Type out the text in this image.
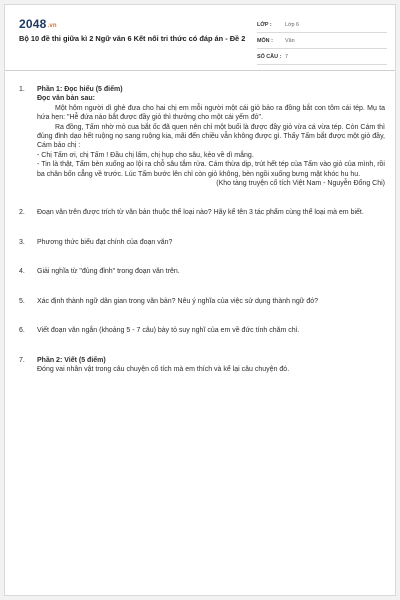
2048.vn
Bộ 10 đề thi giữa kì 2 Ngữ văn 6 Kết nối tri thức có đáp án - Đề 2
LỚP :	Lớp 6
MÔN :	Văn
SỐ CÂU : 7
1. Phần 1: Đọc hiểu (5 điểm)
Đọc văn bản sau:

Một hôm người dì ghẻ đưa cho hai chị em mỗi người một cái giỏ bảo ra đồng bắt con tôm cái tép. Mụ ta hứa hẹn: "Hễ đứa nào bắt được đầy giỏ thì thưởng cho một cái yếm đỏ".

Ra đồng, Tấm nhờ mò cua bắt ốc đã quen nên chỉ một buổi là được đầy giỏ vừa cá vừa tép. Còn Cám thì đủng đỉnh dạo hết ruộng nọ sang ruộng kia, mãi đến chiều vẫn không được gì. Thấy Tấm bắt được một giỏ đầy, Cám bảo chị :

- Chị Tấm ơi, chị Tấm ! Đầu chị lấm, chị hụp cho sâu, kẻo về dì mắng.

- Tin là thật, Tấm bèn xuống ao lội ra chỗ sâu tắm rửa. Cám thừa dịp, trút hết tép của Tấm vào giỏ của mình, rồi ba chân bốn cẳng về trước. Lúc Tấm bước lên chỉ còn giỏ không, bèn ngồi xuống bưng mặt khóc hu hu.

(Kho tàng truyện cổ tích Việt Nam - Nguyễn Đổng Chi)

2. Đoạn văn trên được trích từ văn bản thuộc thể loại nào? Hãy kể tên 3 tác phẩm cùng thể loại mà em biết.

3. Phương thức biểu đạt chính của đoạn văn?

4. Giải nghĩa từ "đủng đỉnh" trong đoạn văn trên.

5. Xác định thành ngữ dân gian trong văn bản? Nêu ý nghĩa của việc sử dụng thành ngữ đó?

6. Viết đoạn văn ngắn (khoảng 5 - 7 câu) bày tỏ suy nghĩ của em về đức tính chăm chỉ.

7. Phần 2: Viết (5 điểm)

Đóng vai nhân vật trong câu chuyện cổ tích mà em thích và kể lại câu chuyện đó.
